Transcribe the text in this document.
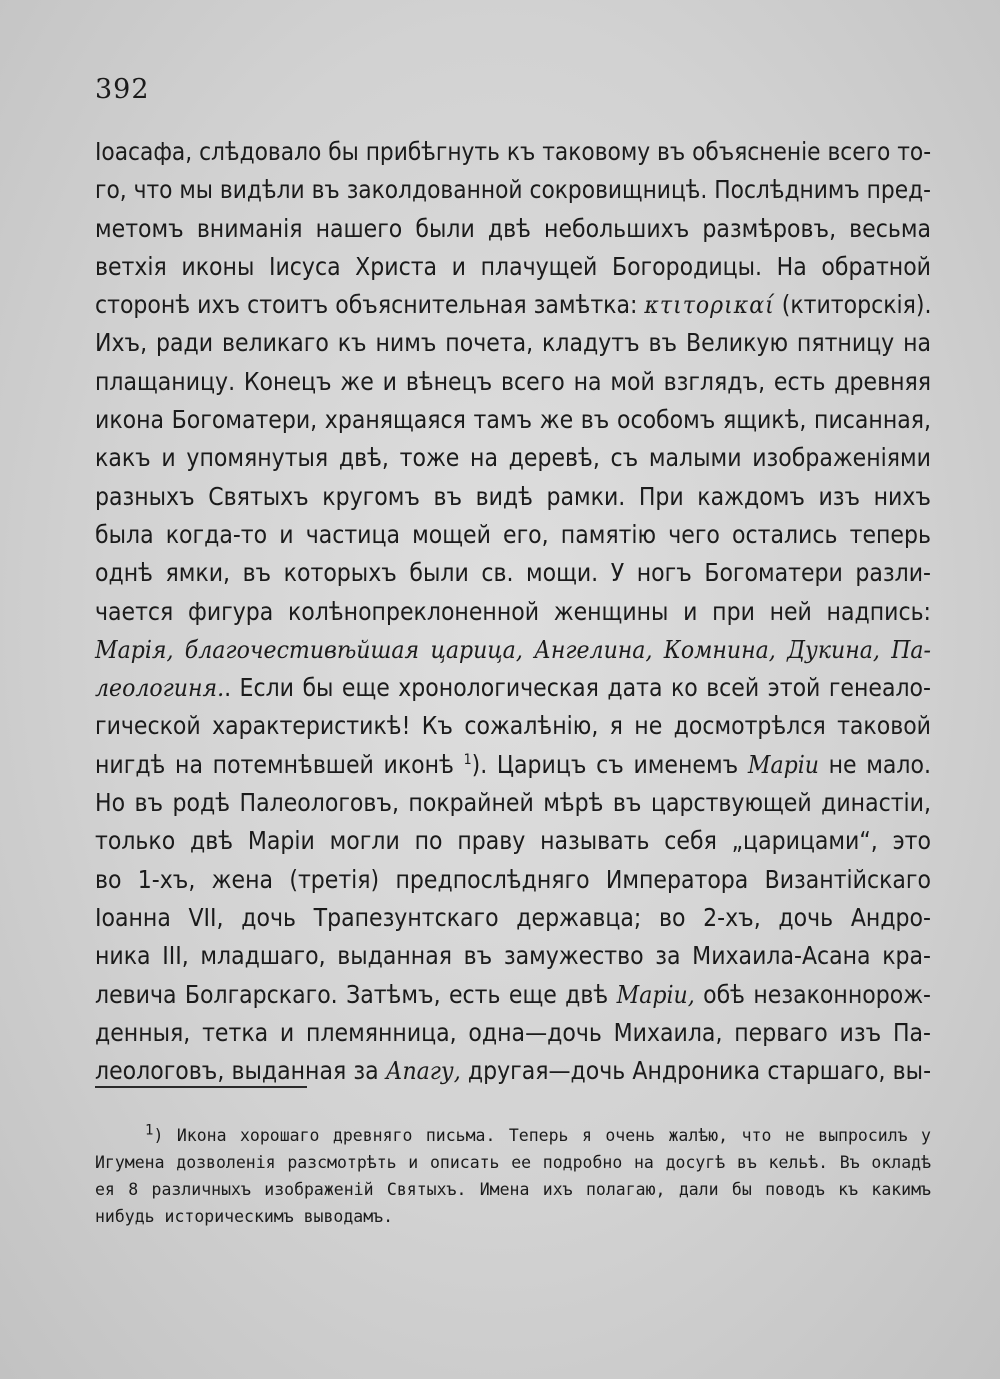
392
Іоасафа, слѣдовало бы прибѣгнуть къ таковому въ объясненіе всего то-
го, что мы видѣли въ заколдованной сокровищницѣ. Послѣднимъ пред-
метомъ вниманія нашего были двѣ небольшихъ размѣровъ, весьма
ветхія иконы Іисуса Христа и плачущей Богородицы. На обратной
сторонѣ ихъ стоитъ объяснительная замѣтка: κτιτορικαί (ктиторскія).
Ихъ, ради великаго къ нимъ почета, кладутъ въ Великую пятницу на
плащаницу. Конецъ же и вѣнецъ всего на мой взглядъ, есть древняя
икона Богоматери, хранящаяся тамъ же въ особомъ ящикѣ, писанная,
какъ и упомянутыя двѣ, тоже на деревѣ, съ малыми изображеніями
разныхъ Святыхъ кругомъ въ видѣ рамки. При каждомъ изъ нихъ
была когда-то и частица мощей его, памятію чего остались теперь
однѣ ямки, въ которыхъ были св. мощи. У ногъ Богоматери разли-
чается фигура колѣнопреклоненной женщины и при ней надпись:
Марія, благочестивѣйшая царица, Ангелина, Комнина, Дукина, Па-
леологиня.. Если бы еще хронологическая дата ко всей этой генеало-
гической характеристикѣ! Къ сожалѣнію, я не досмотрѣлся таковой
нигдѣ на потемнѣвшей иконѣ $^1$). Царицъ съ именемъ Маріи не мало.
Но въ родѣ Палеологовъ, покрайней мѣрѣ въ царствующей династіи,
только двѣ Маріи могли по праву называть себя „царицами“, это
во 1-хъ, жена (третія) предпослѣдняго Императора Византійскаго
Іоанна VII, дочь Трапезунтскаго державца; во 2-хъ, дочь Андро-
ника III, младшаго, выданная въ замужество за Михаила-Асана кра-
левича Болгарскаго. Затѣмъ, есть еще двѣ Маріи, обѣ незаконнорож-
денныя, тетка и племянница, одна—дочь Михаила, перваго изъ Па-
леологовъ, выданная за Апагу, другая—дочь Андроника старшаго, вы-
$^1$) Икона хорошаго древняго письма. Теперь я очень жалѣю, что не выпросилъ у
Игумена дозволенія разсмотрѣть и описать ее подробно на досугѣ въ кельѣ. Въ окладѣ
ея 8 различныхъ изображеній Святыхъ. Имена ихъ полагаю, дали бы поводъ къ какимъ
нибудь историческимъ выводамъ.
